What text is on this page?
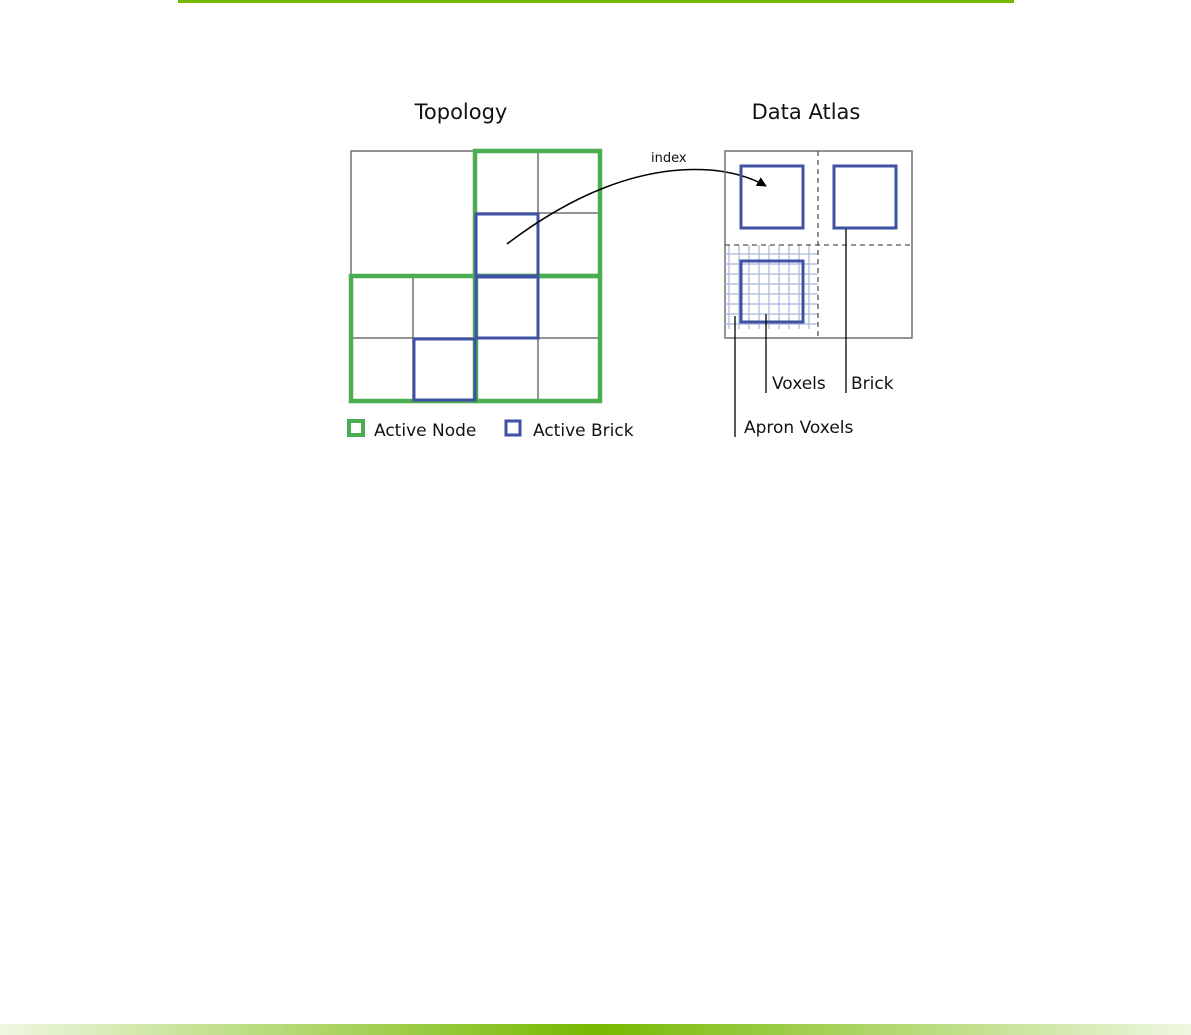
Topology
Active Node	Active Brick
index
Data Atlas
Voxels Brick
Apron Voxels
